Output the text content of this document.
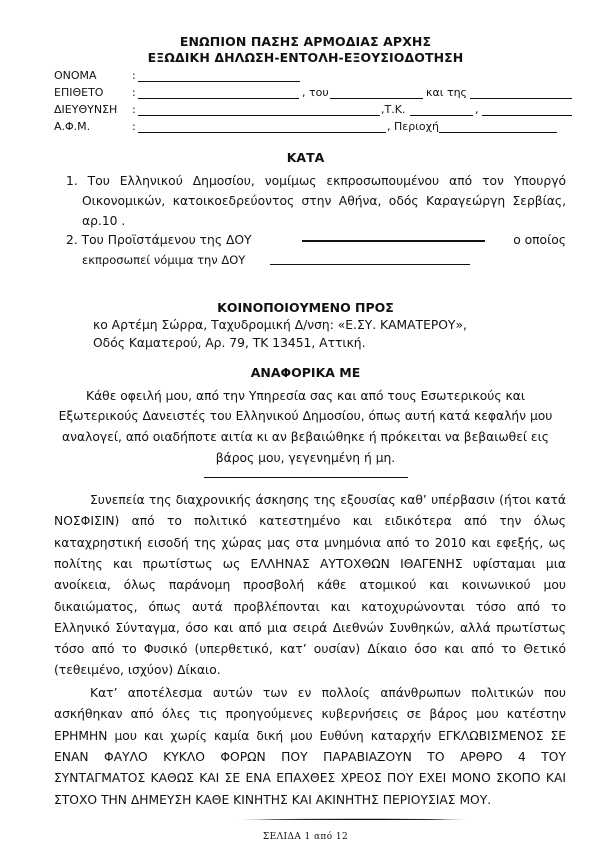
ΕΝΩΠΙΟΝ ΠΑΣΗΣ ΑΡΜΟΔΙΑΣ ΑΡΧΗΣ
ΕΞΩΔΙΚΗ ΔΗΛΩΣΗ-ΕΝΤΟΛΗ-ΕΞΟΥΣΙΟΔΟΤΗΣΗ
ΟΝΟΜΑ	:
ΕΠΙΘΕΤΟ	:	, του	και της
ΔΙΕΥΘΥΝΣΗ :	,Τ.Κ.	,
Α.Φ.Μ.	:	, Περιοχή
ΚΑΤΑ
1. Του Ελληνικού Δημοσίου, νομίμως εκπροσωπουμένου από τον Υπουργό
Οικονομικών, κατοικοεδρεύοντος στην Αθήνα, οδός Καραγεώργη Σερβίας,
αρ.10 .
2. Του Προϊστάμενου της ΔΟΥ	ο οποίος
εκπροσωπεί νόμιμα την ΔΟΥ
ΚΟΙΝΟΠΟΙΟΥΜΕΝΟ ΠΡΟΣ
κο Αρτέμη Σώρρα, Ταχυδρομική Δ/νση: «Ε.ΣΥ. ΚΑΜΑΤΕΡΟΥ»,
Οδός Καματερού, Αρ. 79, ΤΚ 13451, Αττική.
ΑΝΑΦΟΡΙΚΑ ΜΕ
Κάθε οφειλή μου, από την Υπηρεσία σας και από τους Εσωτερικούς και
Εξωτερικούς Δανειστές του Ελληνικού Δημοσίου, όπως αυτή κατά κεφαλήν μου
αναλογεί, από οιαδήποτε αιτία κι αν βεβαιώθηκε ή πρόκειται να βεβαιωθεί εις
βάρος μου, γεγενημένη ή μη.
Συνεπεία της διαχρονικής άσκησης της εξουσίας καθ’ υπέρβασιν (ήτοι κατά
ΝΟΣΦΙΣΙΝ) από το πολιτικό κατεστημένο και ειδικότερα από την όλως
καταχρηστική εισοδή της χώρας μας στα μνημόνια από το 2010 και εφεξής, ως
πολίτης και πρωτίστως ως ΕΛΛΗΝΑΣ ΑΥΤΟΧΘΩΝ ΙΘΑΓΕΝΗΣ υφίσταμαι μια
ανοίκεια, όλως παράνομη προσβολή κάθε ατομικού και κοινωνικού μου
δικαιώματος, όπως αυτά προβλέπονται και κατοχυρώνονται τόσο από το
Ελληνικό Σύνταγμα, όσο και από μια σειρά Διεθνών Συνθηκών, αλλά πρωτίστως
τόσο από το Φυσικό (υπερθετικό, κατ’ ουσίαν) Δίκαιο όσο και από το Θετικό
(τεθειμένο, ισχύον) Δίκαιο.
Κατ’ αποτέλεσμα αυτών των εν πολλοίς απάνθρωπων πολιτικών που
ασκήθηκαν από όλες τις προηγούμενες κυβερνήσεις σε βάρος μου κατέστην
ΕΡΗΜΗΝ μου και χωρίς καμία δική μου Ευθύνη καταρχήν ΕΓΚΛΩΒΙΣΜΕΝΟΣ ΣΕ
ΕΝΑΝ ΦΑΥΛΟ ΚΥΚΛΟ ΦΟΡΩΝ ΠΟΥ ΠΑΡΑΒΙΑΖΟΥΝ ΤΟ ΑΡΘΡΟ 4 ΤΟΥ
ΣΥΝΤΑΓΜΑΤΟΣ ΚΑΘΩΣ ΚΑΙ ΣΕ ΕΝΑ ΕΠΑΧΘΕΣ ΧΡΕΟΣ ΠΟΥ ΕΧΕΙ ΜΟΝΟ ΣΚΟΠΟ ΚΑΙ
ΣΤΟΧΟ ΤΗΝ ΔΗΜΕΥΣΗ ΚΑΘΕ ΚΙΝΗΤΗΣ ΚΑΙ ΑΚΙΝΗΤΗΣ ΠΕΡΙΟΥΣΙΑΣ ΜΟΥ.
ΣΕΛΙΔΑ 1 από 12
